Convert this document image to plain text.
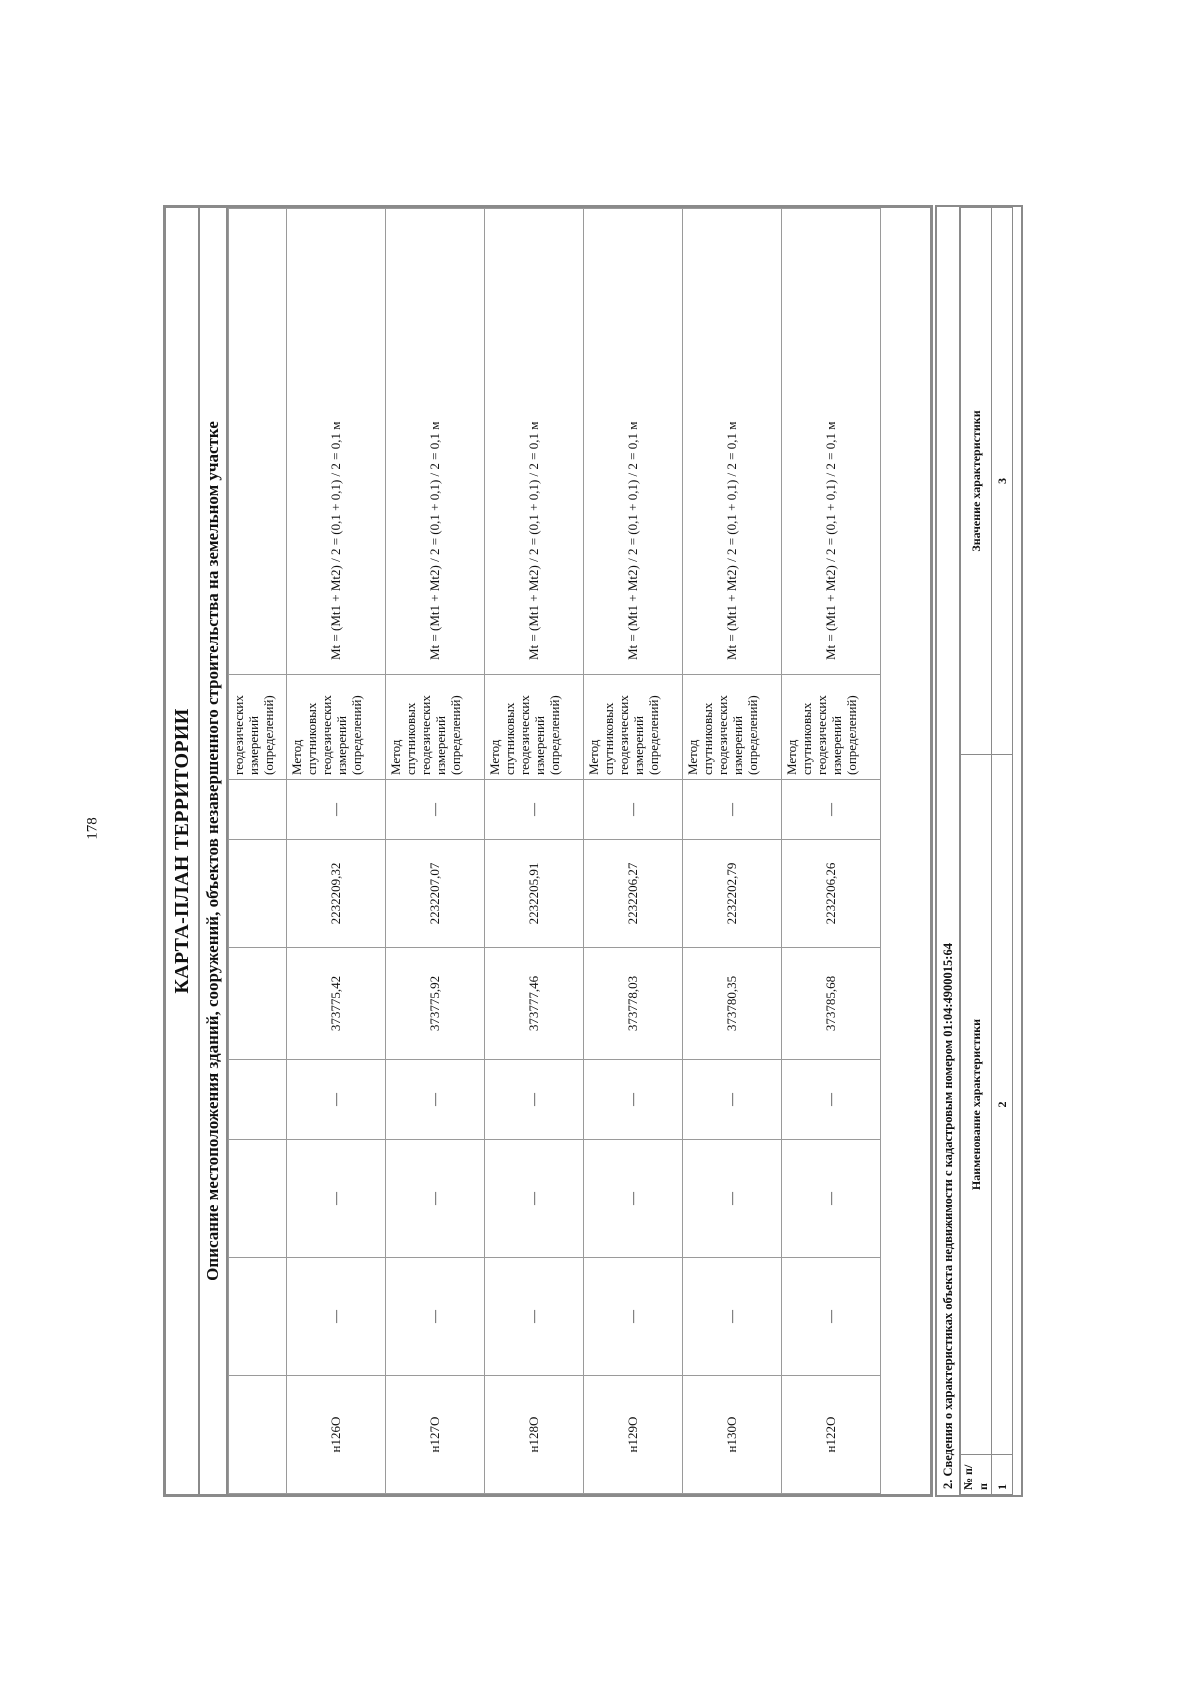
178	КАРТА-ПЛАН ТЕРРИТОРИИ Описание местоположения зданий, сооружений, объектов незавершенного строительства на земельном участке
							геодезических измерений (определений)	
н126О	—	—	—	373775,42	2232209,32	—	Метод спутниковых геодезических измерений (определений)	Mt = (Mt1 + Mt2) / 2 = (0,1 + 0,1) / 2 = 0,1 м
н127О	—	—	—	373775,92	2232207,07	—	Метод спутниковых геодезических измерений (определений)	Mt = (Mt1 + Mt2) / 2 = (0,1 + 0,1) / 2 = 0,1 м
н128О	—	—	—	373777,46	2232205,91	—	Метод спутниковых геодезических измерений (определений)	Mt = (Mt1 + Mt2) / 2 = (0,1 + 0,1) / 2 = 0,1 м
н129О	—	—	—	373778,03	2232206,27	—	Метод спутниковых геодезических измерений (определений)	Mt = (Mt1 + Mt2) / 2 = (0,1 + 0,1) / 2 = 0,1 м
н130О	—	—	—	373780,35	2232202,79	—	Метод спутниковых геодезических измерений (определений)	Mt = (Mt1 + Mt2) / 2 = (0,1 + 0,1) / 2 = 0,1 м
н122О	—	—	—	373785,68	2232206,26	—	Метод спутниковых геодезических измерений (определений)	Mt = (Mt1 + Mt2) / 2 = (0,1 + 0,1) / 2 = 0,1 м
2. Сведения о характеристиках объекта недвижимости с кадастровым номером 01:04:4900015:64 № п/п	Наименование характеристики	Значение характеристики
1	2	3
